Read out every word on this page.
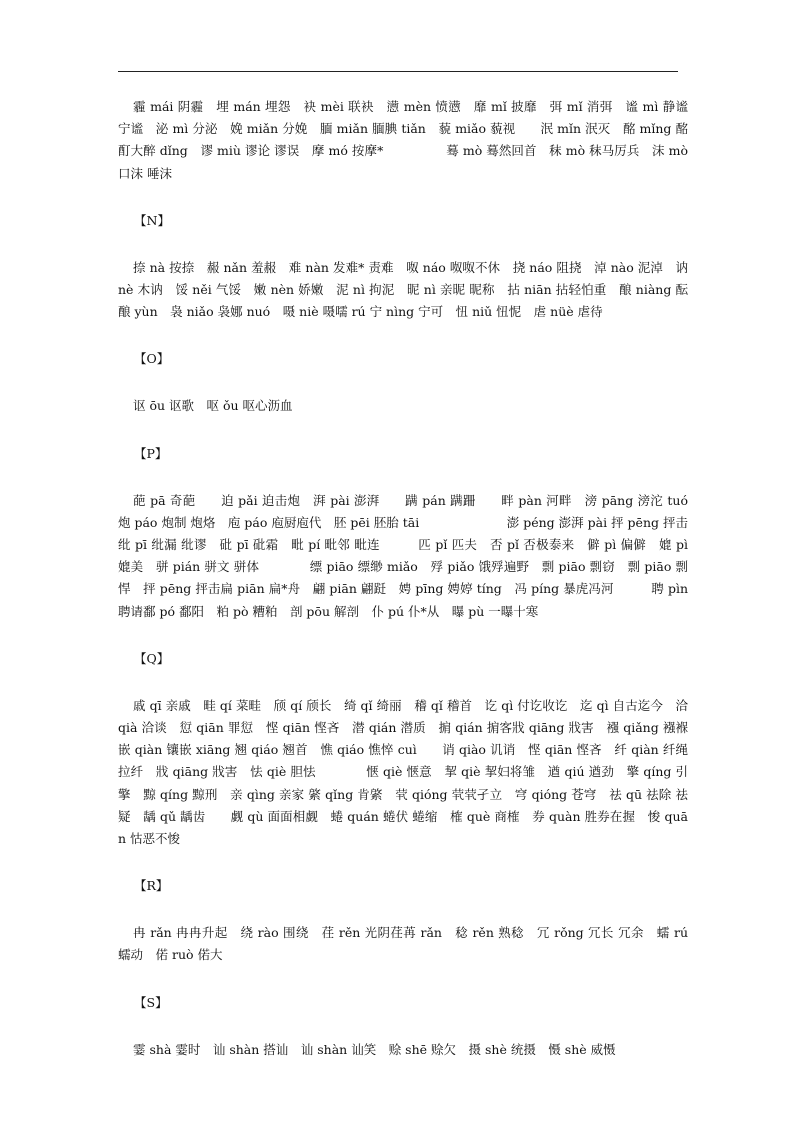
霾 mái 阴霾　埋 mán 埋怨　袂 mèi 联袂　懑 mèn 愤懑　靡 mǐ 披靡　弭 mǐ 消弭　谧 mì 静谧 宁谧　泌 mì 分泌　娩 miǎn 分娩　腼 miǎn 腼腆 tiǎn　藐 miǎo 藐视　　泯 mǐn 泯灭　酩 mǐng 酩酊大醉 dǐng　谬 miù 谬论 谬误　摩 mó 按摩*　　　　　蓦 mò 蓦然回首　秣 mò 秣马厉兵　沫 mò 口沫 唾沫

【N】

捺 nà 按捺　赧 nǎn 羞赧　难 nàn 发难* 责难　呶 náo 呶呶不休　挠 náo 阻挠　淖 nào 泥淖　讷 nè 木讷　馁 něi 气馁　嫩 nèn 娇嫩　泥 nì 拘泥　昵 nì 亲昵 昵称　拈 niān 拈轻怕重　酿 niàng 酝酿 yùn　袅 niǎo 袅娜 nuó　嗫 niè 嗫嚅 rú 宁 nìng 宁可　忸 niǔ 忸怩　虐 nüè 虐待

【O】

讴 ōu 讴歌　呕 ǒu 呕心沥血

【P】

葩 pā 奇葩　　迫 pǎi 迫击炮　湃 pài 澎湃　　蹒 pán 蹒跚　　畔 pàn 河畔　滂 pāng 滂沱 tuó　炮 páo 炮制 炮烙　庖 páo 庖厨庖代　胚 pēi 胚胎 tāi　　　　　　　澎 péng 澎湃 pài 抨 pēng 抨击　纰 pī 纰漏 纰谬　砒 pī 砒霜　毗 pí 毗邻 毗连　　　匹 pǐ 匹夫　否 pǐ 否极泰来　僻 pì 偏僻　媲 pì 媲美　骈 pián 骈文 骈体　　　　缥 piāo 缥缈 miǎo　殍 piǎo 饿殍遍野　剽 piāo 剽窃　剽 piāo 剽悍　抨 pēng 抨击扁 piān 扁*舟　翩 piān 翩跹　娉 pīng 娉婷 tíng　冯 píng 暴虎冯河　　　聘 pìn 聘请鄱 pó 鄱阳　粕 pò 糟粕　剖 pōu 解剖　仆 pú 仆*从　曝 pù 一曝十寒

【Q】

戚 qī 亲戚　畦 qí 菜畦　颀 qí 颀长　绮 qǐ 绮丽　稽 qǐ 稽首　讫 qì 付讫收讫　迄 qì 自古迄今　洽 qià 洽谈　愆 qiān 罪愆　悭 qiān 悭吝　潜 qián 潜质　掮 qián 掮客戕 qiāng 戕害　襁 qiǎng 襁褓　嵌 qiàn 镶嵌 xiāng 翘 qiáo 翘首　憔 qiáo 憔悴 cuì　　诮 qiào 讥诮　悭 qiān 悭吝　纤 qiàn 纤绳 拉纤　戕 qiāng 戕害　怯 qiè 胆怯　　　　惬 qiè 惬意　挈 qiè 挈妇将雏　遒 qiú 遒劲　擎 qíng 引擎　黥 qíng 黥刑　亲 qìng 亲家 綮 qǐng 肯綮　茕 qióng 茕茕孑立　穹 qióng 苍穹　祛 qū 祛除 祛疑　龋 qǔ 龋齿　　觑 qù 面面相觑　蜷 quán 蜷伏 蜷缩　榷 què 商榷　券 quàn 胜券在握　悛 quān 怙恶不悛

【R】

冉 rǎn 冉冉升起　绕 rào 围绕　荏 rěn 光阴荏苒 rǎn　稔 rěn 熟稔　冗 rǒng 冗长 冗余　蠕 rú 蠕动　偌 ruò 偌大

【S】

霎 shà 霎时　讪 shàn 搭讪　讪 shàn 讪笑　赊 shē 赊欠　摄 shè 统摄　慑 shè 威慑
